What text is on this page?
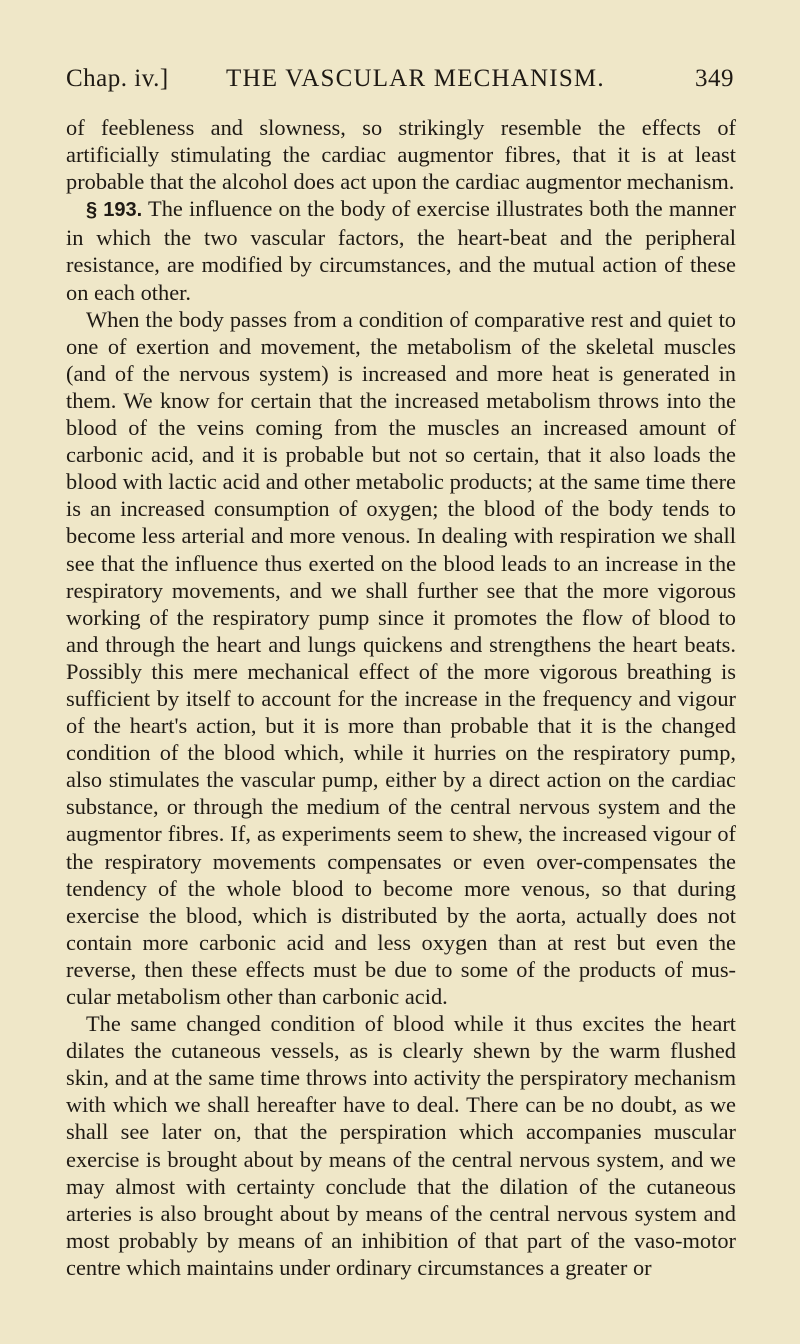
Chap. iv.] THE VASCULAR MECHANISM.	349

of feebleness and slowness, so strikingly resemble the effects of artificially stimulating the cardiac augmentor fibres, that it is at least probable that the alcohol does act upon the cardiac augmentor mechanism.

§ 193. The influence on the body of exercise illustrates both the manner in which the two vascular factors, the heart-beat and the peripheral resistance, are modified by circumstances, and the mutual action of these on each other.

When the body passes from a condition of comparative rest and quiet to one of exertion and movement, the metabolism of the skeletal muscles (and of the nervous system) is increased and more heat is generated in them. We know for certain that the increased metabolism throws into the blood of the veins coming from the muscles an increased amount of carbonic acid, and it is probable but not so certain, that it also loads the blood with lactic acid and other metabolic products; at the same time there is an increased consumption of oxygen; the blood of the body tends to become less arterial and more venous. In dealing with respiration we shall see that the influence thus exerted on the blood leads to an increase in the respiratory movements, and we shall further see that the more vigorous working of the respiratory pump since it promotes the flow of blood to and through the heart and lungs quickens and strengthens the heart beats. Possibly this mere mechanical effect of the more vigorous breathing is sufficient by itself to account for the increase in the frequency and vigour of the heart's action, but it is more than probable that it is the changed condition of the blood which, while it hurries on the respiratory pump, also stimulates the vascular pump, either by a direct action on the cardiac substance, or through the medium of the central nervous system and the augmentor fibres. If, as experiments seem to shew, the increased vigour of the respiratory movements compensates or even over-compensates the tendency of the whole blood to become more venous, so that during exercise the blood, which is distributed by the aorta, actually does not contain more carbonic acid and less oxygen than at rest but even the reverse, then these effects must be due to some of the products of mus- cular metabolism other than carbonic acid.

The same changed condition of blood while it thus excites the heart dilates the cutaneous vessels, as is clearly shewn by the warm flushed skin, and at the same time throws into activity the perspiratory mechanism with which we shall hereafter have to deal. There can be no doubt, as we shall see later on, that the perspiration which accompanies muscular exercise is brought about by means of the central nervous system, and we may almost with certainty conclude that the dilation of the cutaneous arteries is also brought about by means of the central nervous system and most probably by means of an inhibition of that part of the vaso-motor centre which maintains under ordinary circumstances a greater or
